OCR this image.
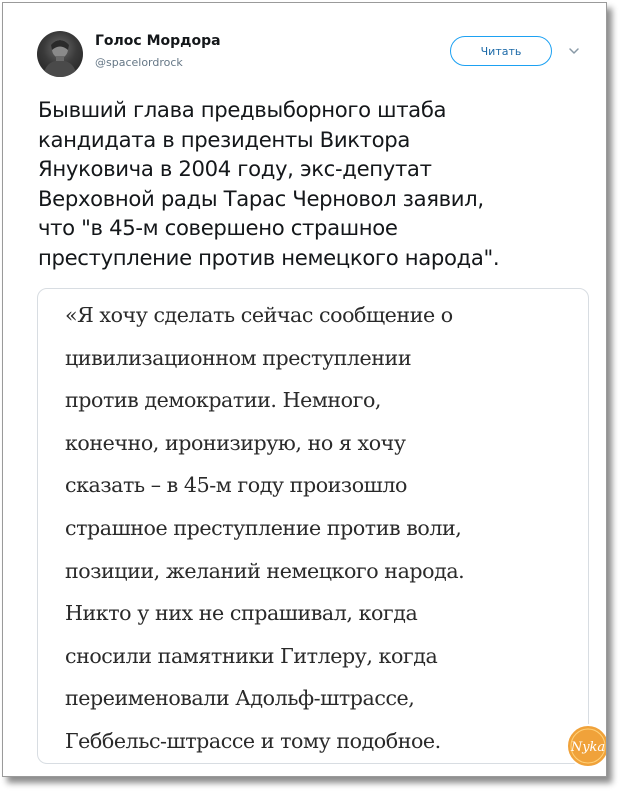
Голос Мордора
@spacelordrock
Читать
Бывший глава предвыборного штаба
кандидата в президенты Виктора
Януковича в 2004 году, экс-депутат
Верховной рады Тарас Черновол заявил,
что "в 45-м совершено страшное
преступление против немецкого народа".
«Я хочу сделать сейчас сообщение о
цивилизационном преступлении
против демократии. Немного,
конечно, иронизирую, но я хочу
сказать – в 45-м году произошло
страшное преступление против воли,
позиции, желаний немецкого народа.
Никто у них не спрашивал, когда
сносили памятники Гитлеру, когда
переименовали Адольф-штрассе,
Геббельс-штрассе и тому подобное.	Nyka
